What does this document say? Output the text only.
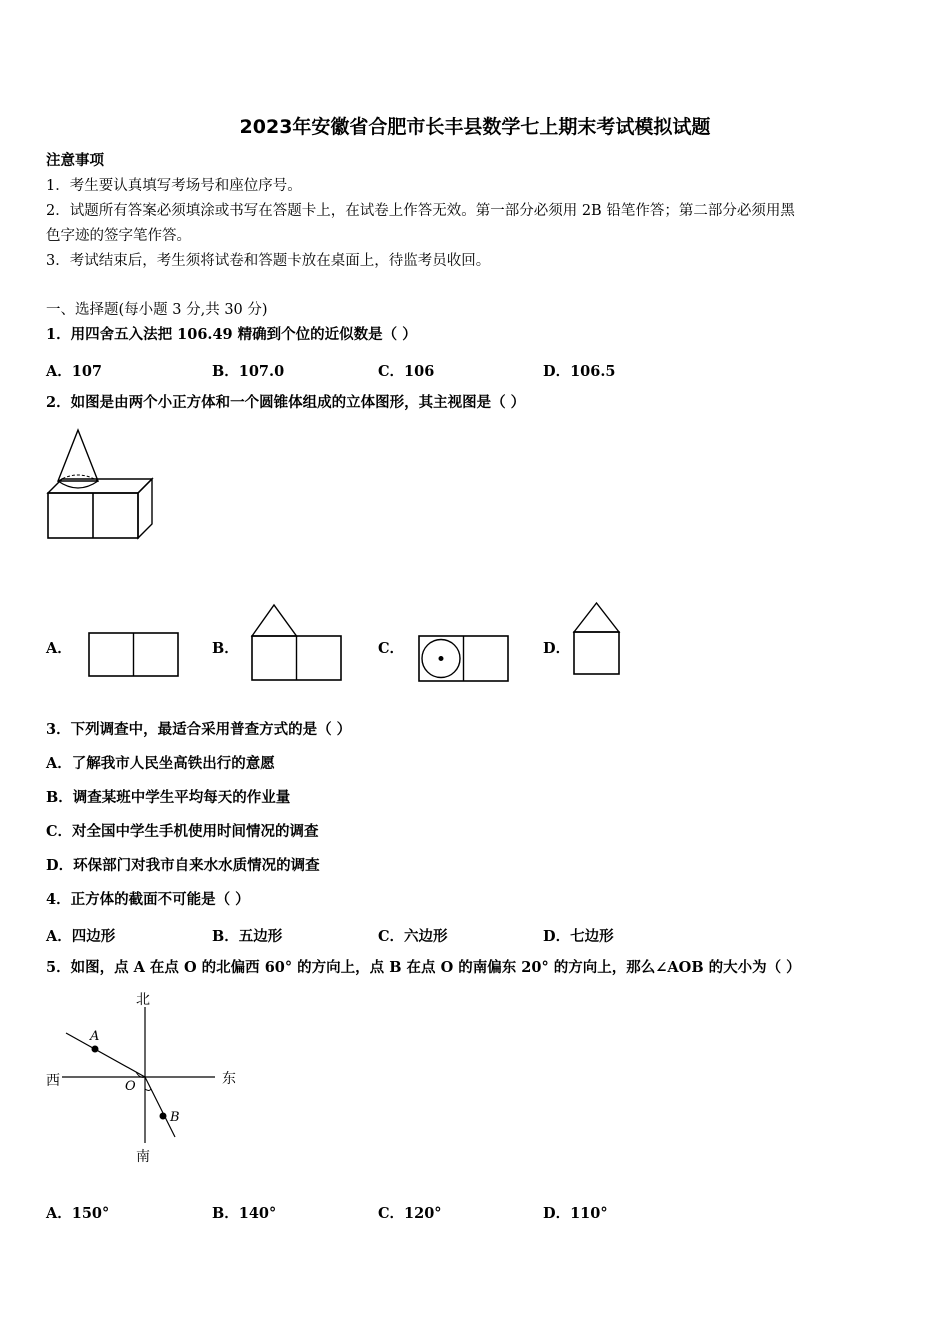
2023年安徽省合肥市长丰县数学七上期末考试模拟试题
注意事项
1．考生要认真填写考场号和座位序号。
2．试题所有答案必须填涂或书写在答题卡上，在试卷上作答无效。第一部分必须用 2B 铅笔作答；第二部分必须用黑
色字迹的签字笔作答。
3．考试结束后，考生须将试卷和答题卡放在桌面上，待监考员收回。
一、选择题(每小题 3 分,共 30 分)
1．用四舍五入法把 106.49 精确到个位的近似数是（ ）
A．107	B．107.0	C．106	D．106.5
2．如图是由两个小正方体和一个圆锥体组成的立体图形，其主视图是（ ）
A．	B．	C．	D．
3．下列调查中，最适合采用普查方式的是（ ）
A．了解我市人民坐高铁出行的意愿
B．调查某班中学生平均每天的作业量
C．对全国中学生手机使用时间情况的调查
D．环保部门对我市自来水水质情况的调查
4．正方体的截面不可能是（ ）
A．四边形	B．五边形	C．六边形	D．七边形
5．如图，点 A 在点 O 的北偏西 60° 的方向上，点 B 在点 O 的南偏东 20° 的方向上，那么∠AOB 的大小为（ ）
北
南
西	东
A
B
O
A．150°	B．140°	C．120°	D．110°
